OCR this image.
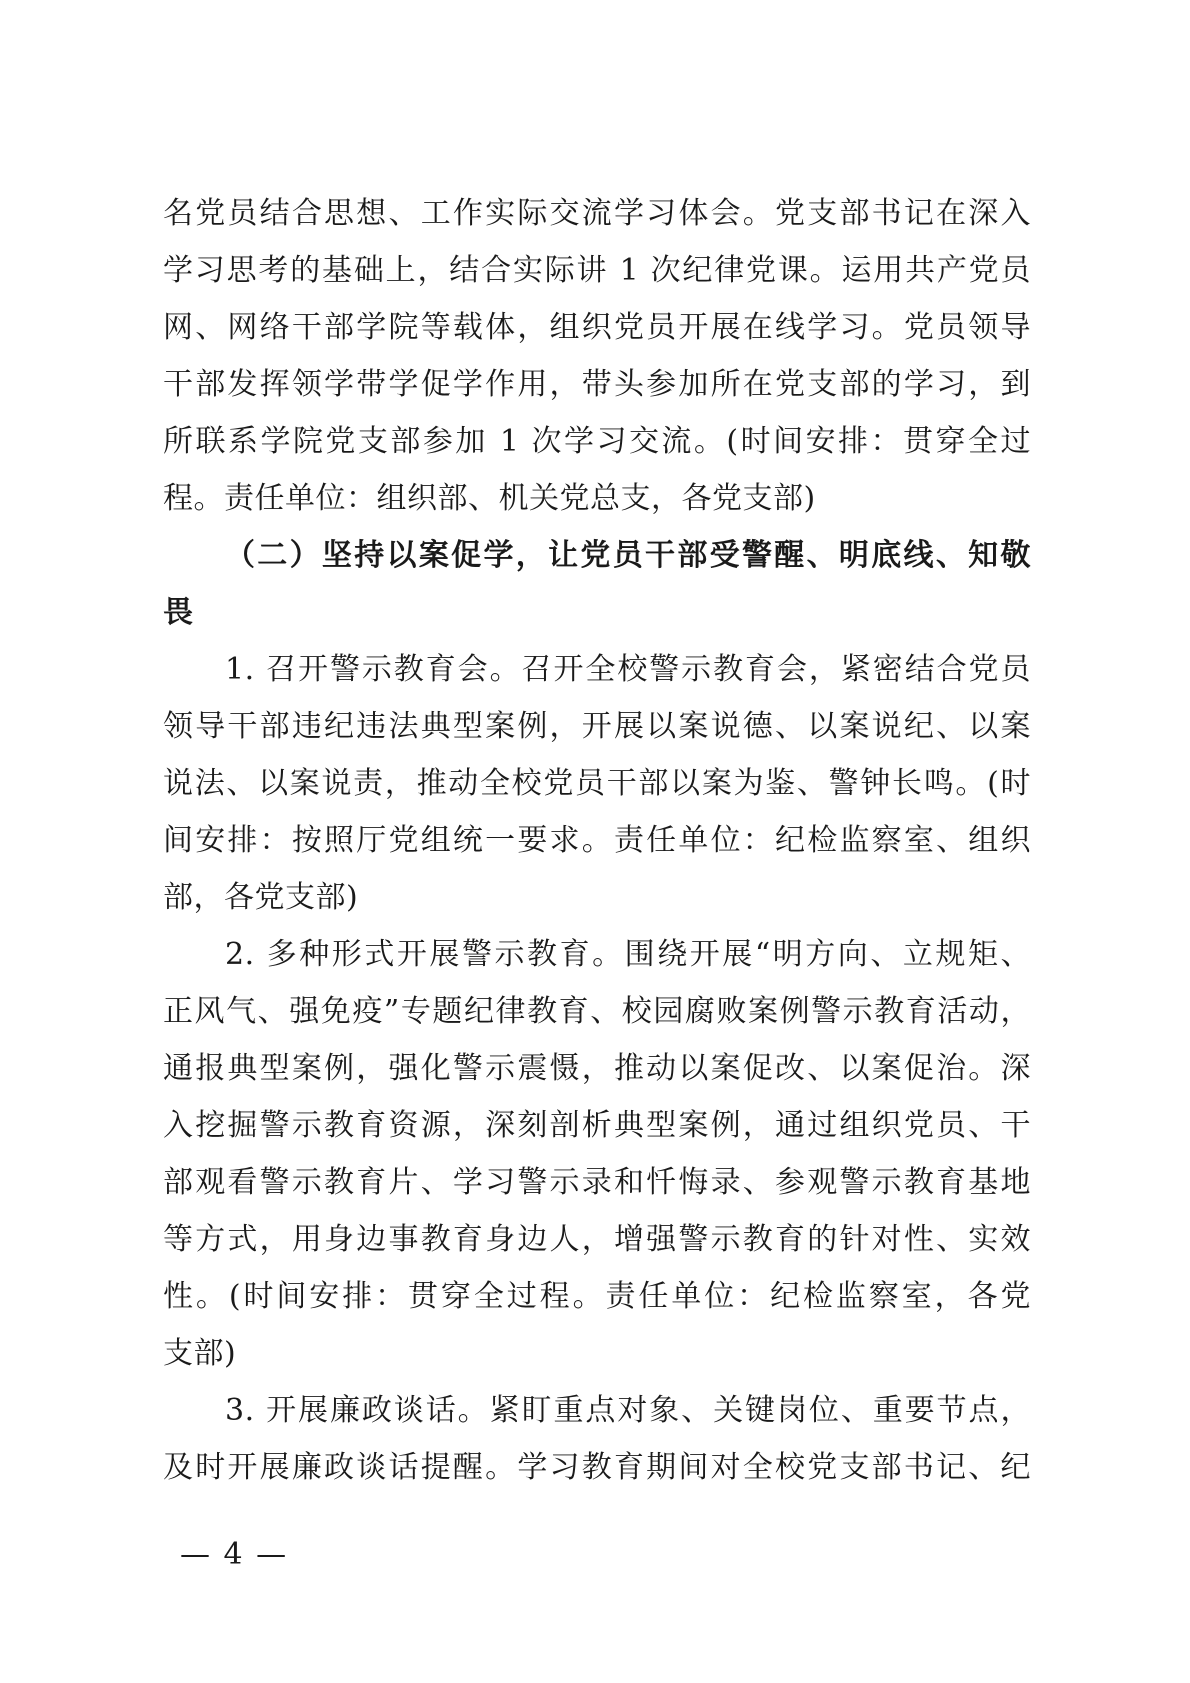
名党员结合思想、工作实际交流学习体会。党支部书记在深入
学习思考的基础上，结合实际讲 1 次纪律党课。运用共产党员
网、网络干部学院等载体，组织党员开展在线学习。党员领导
干部发挥领学带学促学作用，带头参加所在党支部的学习，到
所联系学院党支部参加 1 次学习交流。(时间安排：贯穿全过
程。责任单位：组织部、机关党总支，各党支部)
（二）坚持以案促学，让党员干部受警醒、明底线、知敬
畏
1. 召开警示教育会。召开全校警示教育会，紧密结合党员
领导干部违纪违法典型案例，开展以案说德、以案说纪、以案
说法、以案说责，推动全校党员干部以案为鉴、警钟长鸣。(时
间安排：按照厅党组统一要求。责任单位：纪检监察室、组织
部，各党支部)
2. 多种形式开展警示教育。围绕开展“明方向、立规矩、
正风气、强免疫”专题纪律教育、校园腐败案例警示教育活动，
通报典型案例，强化警示震慑，推动以案促改、以案促治。深
入挖掘警示教育资源，深刻剖析典型案例，通过组织党员、干
部观看警示教育片、学习警示录和忏悔录、参观警示教育基地
等方式，用身边事教育身边人，增强警示教育的针对性、实效
性。(时间安排：贯穿全过程。责任单位：纪检监察室，各党
支部)
3. 开展廉政谈话。紧盯重点对象、关键岗位、重要节点，
及时开展廉政谈话提醒。学习教育期间对全校党支部书记、纪
— 4 —
